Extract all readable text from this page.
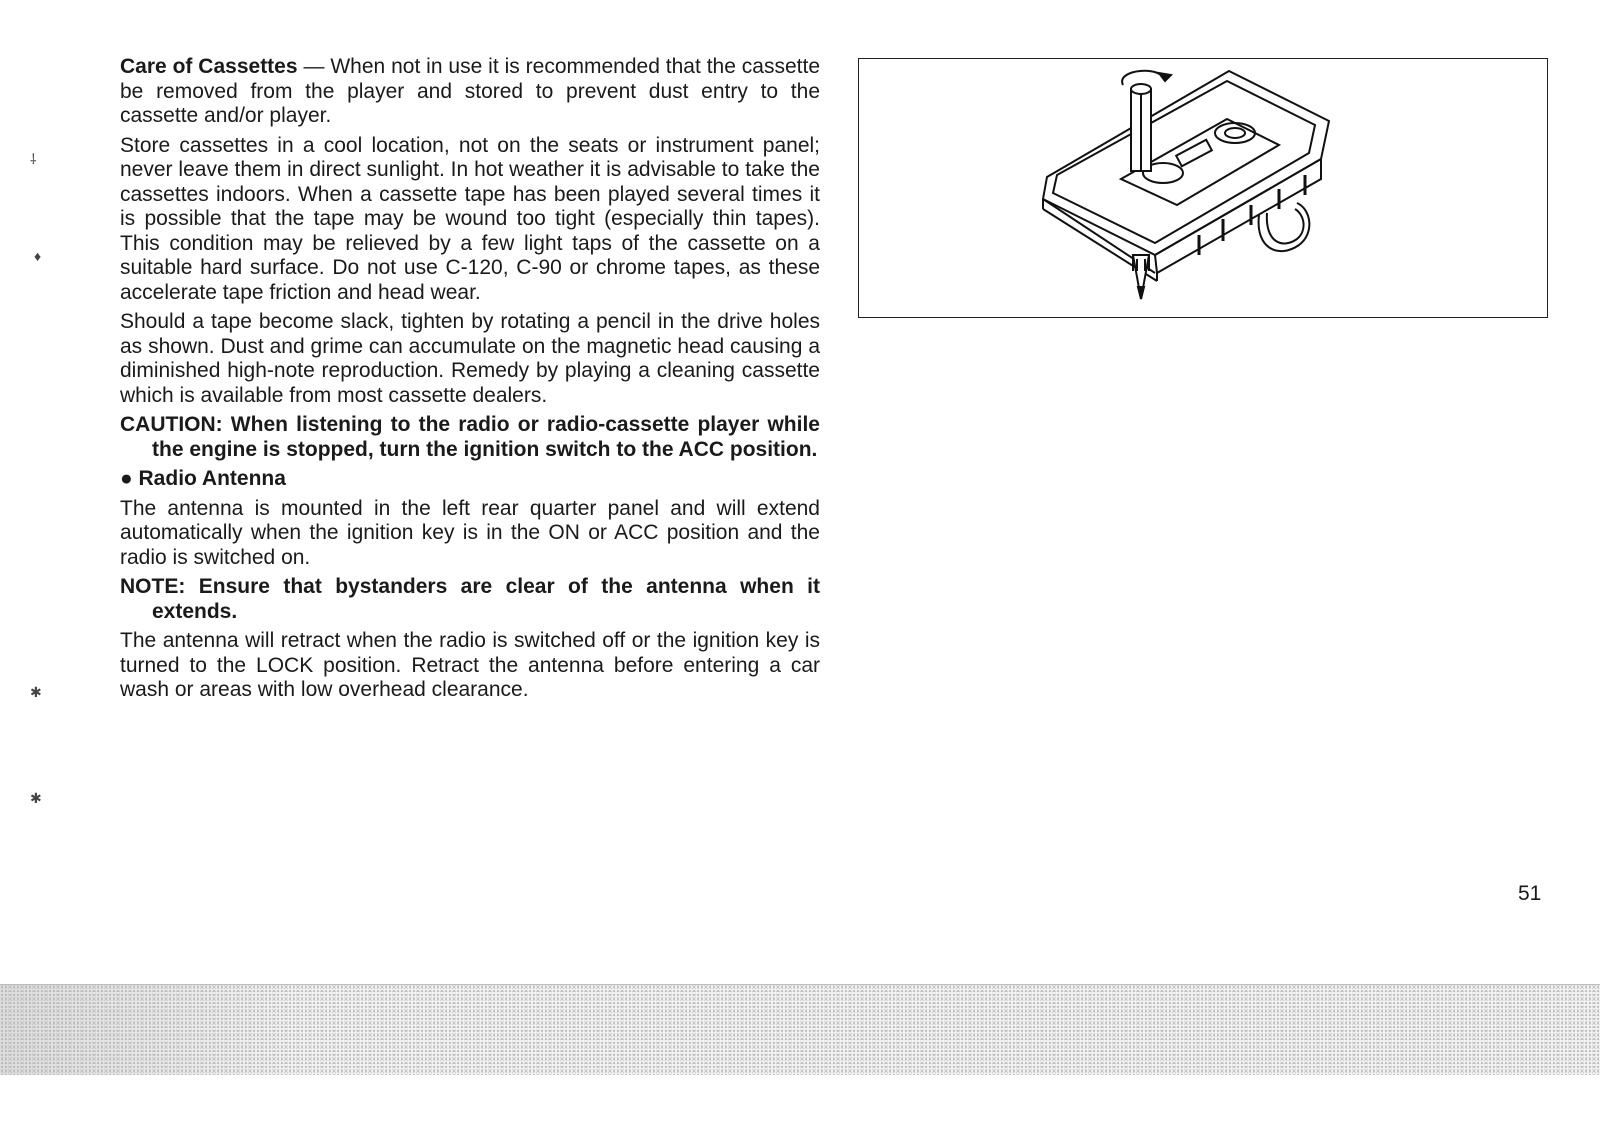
Care of Cassettes — When not in use it is recommended that the cassette be removed from the player and stored to prevent dust entry to the cassette and/or player.

Store cassettes in a cool location, not on the seats or instrument panel; never leave them in direct sunlight. In hot weather it is advisable to take the cassettes indoors. When a cassette tape has been played several times it is possible that the tape may be wound too tight (especially thin tapes). This condition may be relieved by a few light taps of the cassette on a suitable hard surface. Do not use C-120, C-90 or chrome tapes, as these accelerate tape friction and head wear.

Should a tape become slack, tighten by rotating a pencil in the drive holes as shown. Dust and grime can accumulate on the magnetic head causing a diminished high-note reproduction. Remedy by playing a cleaning cassette which is available from most cassette dealers.

CAUTION: When listening to the radio or radio-cassette player while the engine is stopped, turn the ignition switch to the ACC position.

● Radio Antenna

The antenna is mounted in the left rear quarter panel and will extend automatically when the ignition key is in the ON or ACC position and the radio is switched on.

NOTE: Ensure that bystanders are clear of the antenna when it extends.

The antenna will retract when the radio is switched off or the ignition key is turned to the LOCK position. Retract the antenna before entering a car wash or areas with low overhead clearance.

⸸
♦
✱
✱
51
